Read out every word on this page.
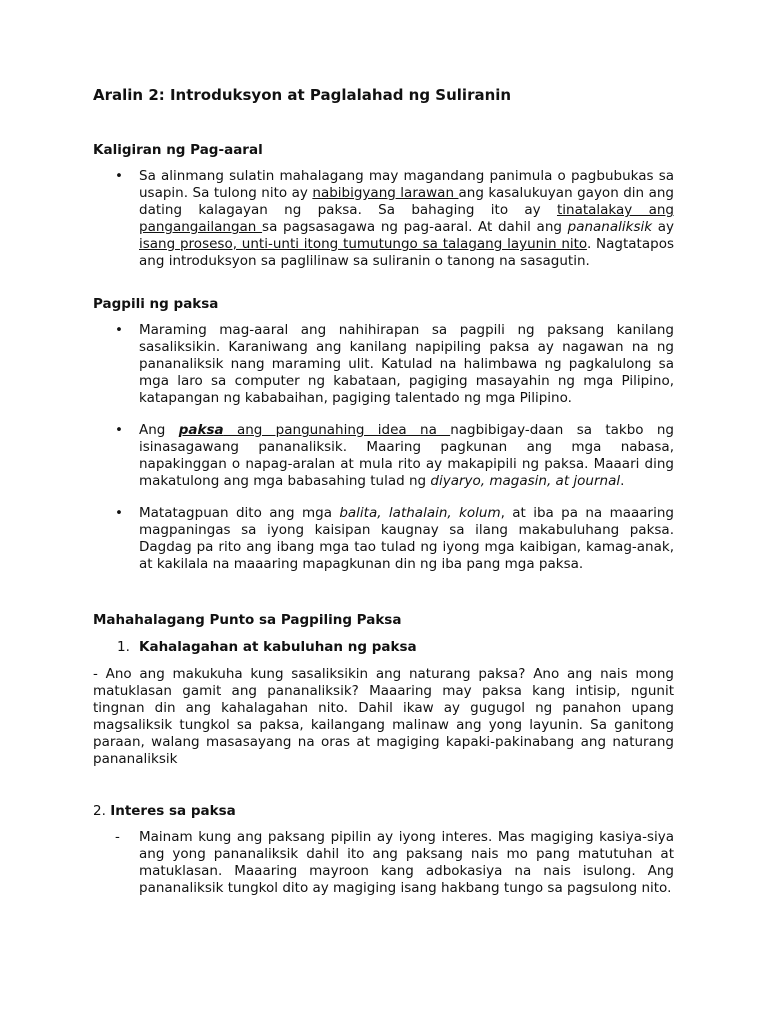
Aralin 2: Introduksyon at Paglalahad ng Suliranin
Kaligiran ng Pag-aaral
• Sa alinmang sulatin mahalagang may magandang panimula o pagbubukas sa usapin. Sa tulong nito ay nabibigyang larawan ang kasalukuyan gayon din ang dating kalagayan ng paksa. Sa bahaging ito ay tinatalakay ang pangangailangan sa pagsasagawa ng pag-aaral. At dahil ang pananaliksik ay isang proseso, unti-unti itong tumutungo sa talagang layunin nito. Nagtatapos ang introduksyon sa paglilinaw sa suliranin o tanong na sasagutin.
Pagpili ng paksa
• Maraming mag-aaral ang nahihirapan sa pagpili ng paksang kanilang sasaliksikin. Karaniwang ang kanilang napipiling paksa ay nagawan na ng pananaliksik nang maraming ulit. Katulad na halimbawa ng pagkalulong sa mga laro sa computer ng kabataan, pagiging masayahin ng mga Pilipino, katapangan ng kababaihan, pagiging talentado ng mga Pilipino.
• Ang paksa ang pangunahing idea na nagbibigay-daan sa takbo ng isinasagawang pananaliksik. Maaring pagkunan ang mga nabasa, napakinggan o napag-aralan at mula rito ay makapipili ng paksa. Maaari ding makatulong ang mga babasahing tulad ng diyaryo, magasin, at journal.
• Matatagpuan dito ang mga balita, lathalain, kolum, at iba pa na maaaring magpaningas sa iyong kaisipan kaugnay sa ilang makabuluhang paksa. Dagdag pa rito ang ibang mga tao tulad ng iyong mga kaibigan, kamag-anak, at kakilala na maaaring mapagkunan din ng iba pang mga paksa.
Mahahalagang Punto sa Pagpiling Paksa

1. Kahalagahan at kabuluhan ng paksa

- Ano ang makukuha kung sasaliksikin ang naturang paksa? Ano ang nais mong matuklasan gamit ang pananaliksik? Maaaring may paksa kang intisip, ngunit tingnan din ang kahalagahan nito. Dahil ikaw ay gugugol ng panahon upang magsaliksik tungkol sa paksa, kailangang malinaw ang yong layunin. Sa ganitong paraan, walang masasayang na oras at magiging kapaki-pakinabang ang naturang pananaliksik

2. Interes sa paksa

- Mainam kung ang paksang pipilin ay iyong interes. Mas magiging kasiya-siya ang yong pananaliksik dahil ito ang paksang nais mo pang matutuhan at matuklasan. Maaaring mayroon kang adbokasiya na nais isulong. Ang pananaliksik tungkol dito ay magiging isang hakbang tungo sa pagsulong nito.
